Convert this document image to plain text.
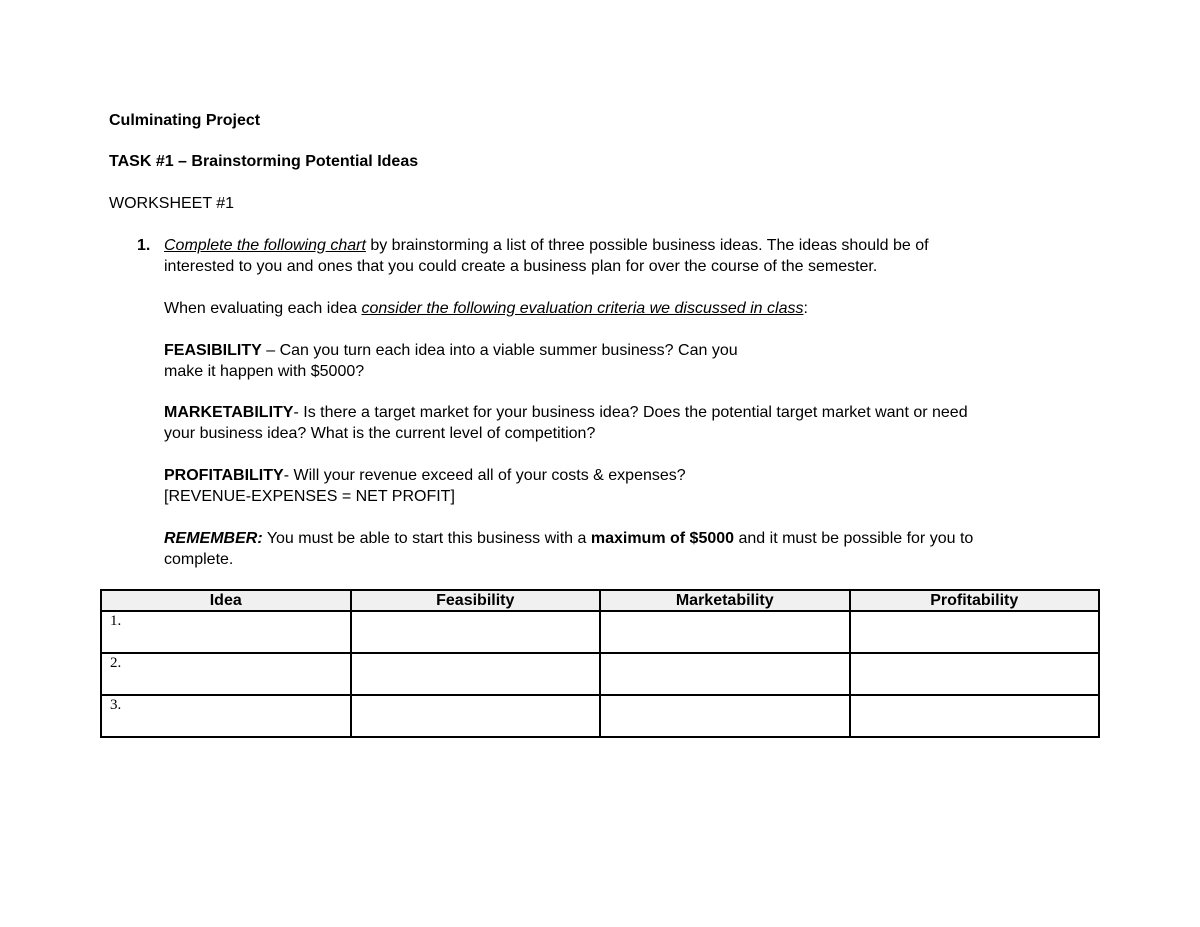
Culminating Project
TASK #1 – Brainstorming Potential Ideas
WORKSHEET #1
1. Complete the following chart by brainstorming a list of three possible business ideas. The ideas should be of
interested to you and ones that you could create a business plan for over the course of the semester.
When evaluating each idea consider the following evaluation criteria we discussed in class:
FEASIBILITY – Can you turn each idea into a viable summer business? Can you
make it happen with $5000?
MARKETABILITY- Is there a target market for your business idea? Does the potential target market want or need
your business idea? What is the current level of competition?
PROFITABILITY- Will your revenue exceed all of your costs & expenses?
[REVENUE-EXPENSES = NET PROFIT]
REMEMBER: You must be able to start this business with a maximum of $5000 and it must be possible for you to
complete.
Idea	Feasibility	Marketability	Profitability
1.			
2.			
3.			
